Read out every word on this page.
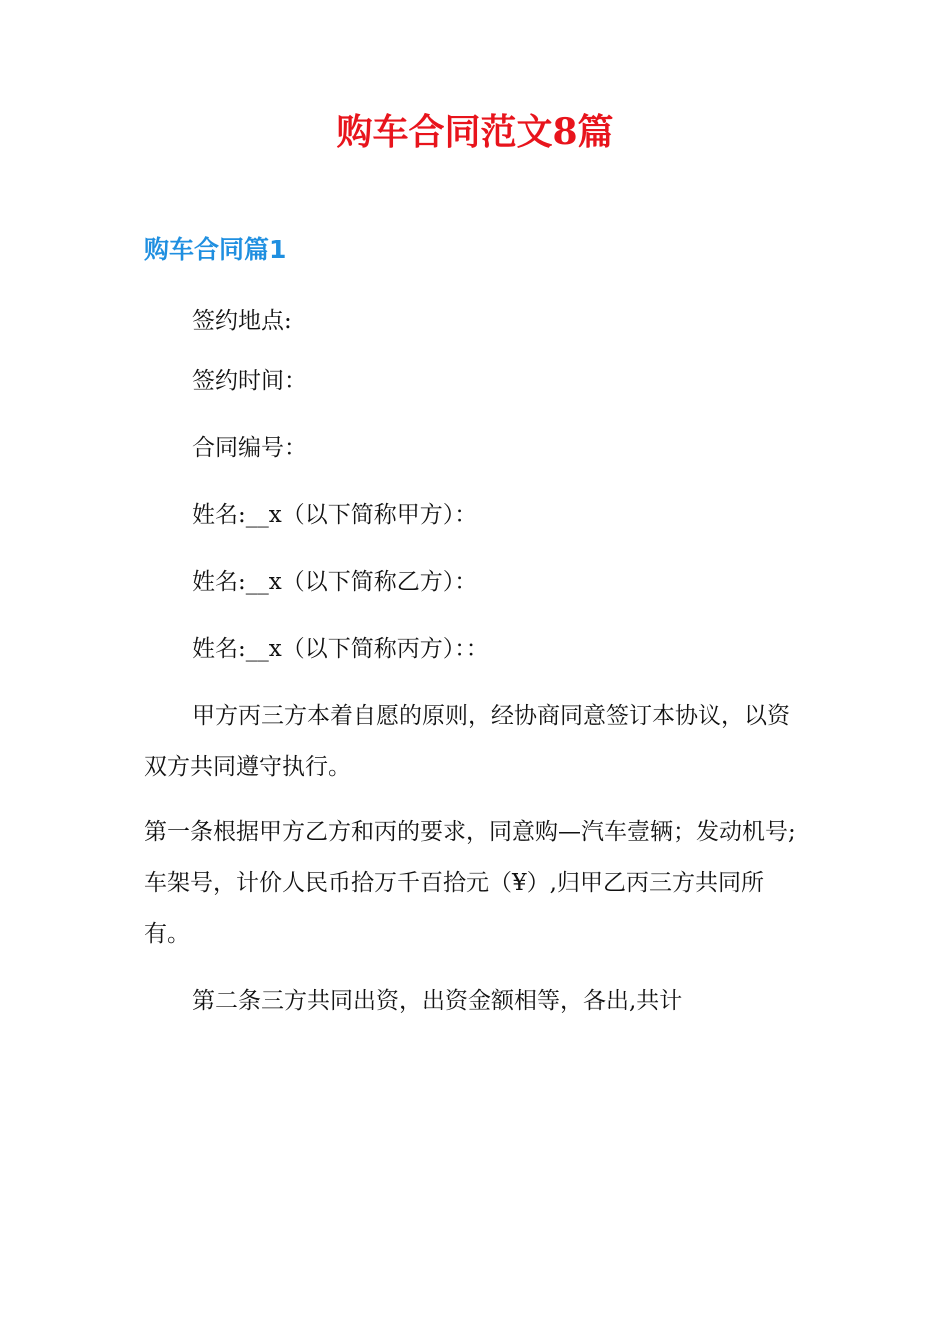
购车合同范文8篇
购车合同篇1

签约地点:

签约时间：

合同编号：

姓名:__x（以下简称甲方）：

姓名:__x（以下简称乙方）：

姓名:__x（以下简称丙方）：：

甲方丙三方本着自愿的原则，经协商同意签订本协议，以资

双方共同遵守执行。

第一条根据甲方乙方和丙的要求，同意购—汽车壹辆；发动机号;

车架号，计价人民币拾万千百拾元（¥）,归甲乙丙三方共同所

有。

第二条三方共同出资，出资金额相等，各出,共计
